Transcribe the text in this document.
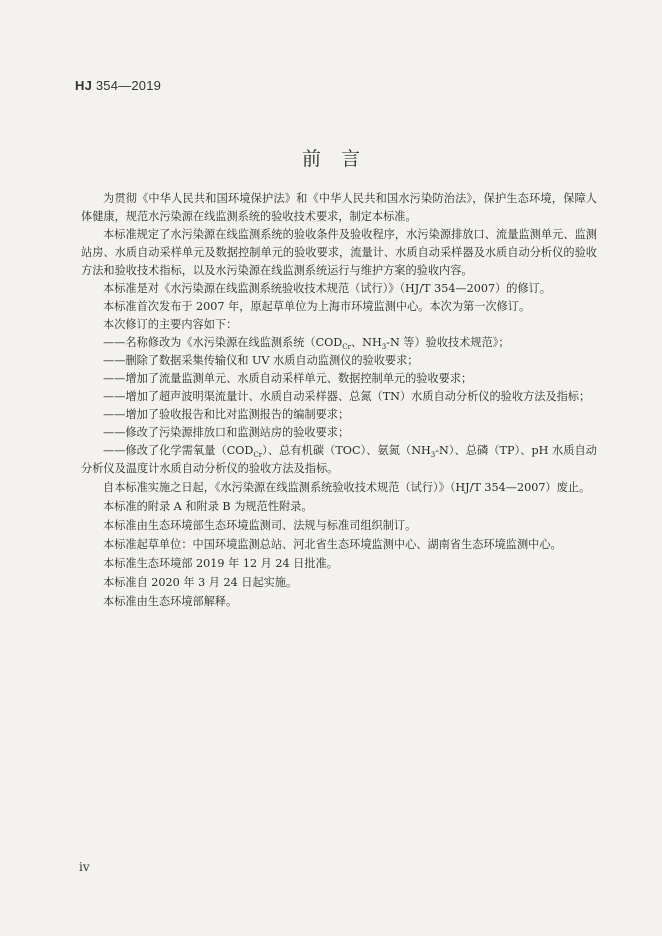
HJ 354—2019
前言

为贯彻《中华人民共和国环境保护法》和《中华人民共和国水污染防治法》，保护生态环境，保障人体健康，规范水污染源在线监测系统的验收技术要求，制定本标准。

本标准规定了水污染源在线监测系统的验收条件及验收程序，水污染源排放口、流量监测单元、监测站房、水质自动采样单元及数据控制单元的验收要求，流量计、水质自动采样器及水质自动分析仪的验收方法和验收技术指标，以及水污染源在线监测系统运行与维护方案的验收内容。

本标准是对《水污染源在线监测系统验收技术规范（试行）》（HJ/T 354—2007）的修订。

本标准首次发布于 2007 年，原起草单位为上海市环境监测中心。本次为第一次修订。

本次修订的主要内容如下：

——名称修改为《水污染源在线监测系统（$COD_{Cr}$、$NH_3-N$ 等）验收技术规范》；

——删除了数据采集传输仪和 UV 水质自动监测仪的验收要求；

——增加了流量监测单元、水质自动采样单元、数据控制单元的验收要求；

——增加了超声波明渠流量计、水质自动采样器、总氮（TN）水质自动分析仪的验收方法及指标；

——增加了验收报告和比对监测报告的编制要求；

——修改了污染源排放口和监测站房的验收要求；

——修改了化学需氧量$(COD_{Cr})$、总有机碳（TOC）、氨氮$(NH_3-N)$、总磷（TP）、pH 水质自动分析仪及温度计水质自动分析仪的验收方法及指标。

自本标准实施之日起，《水污染源在线监测系统验收技术规范（试行）》（HJ/T 354—2007）废止。

本标准的附录 A 和附录 B 为规范性附录。

本标准由生态环境部生态环境监测司、法规与标准司组织制订。

本标准起草单位：中国环境监测总站、河北省生态环境监测中心、湖南省生态环境监测中心。

本标准生态环境部 2019 年 12 月 24 日批准。

本标准自 2020 年 3 月 24 日起实施。

本标准由生态环境部解释。

iv
